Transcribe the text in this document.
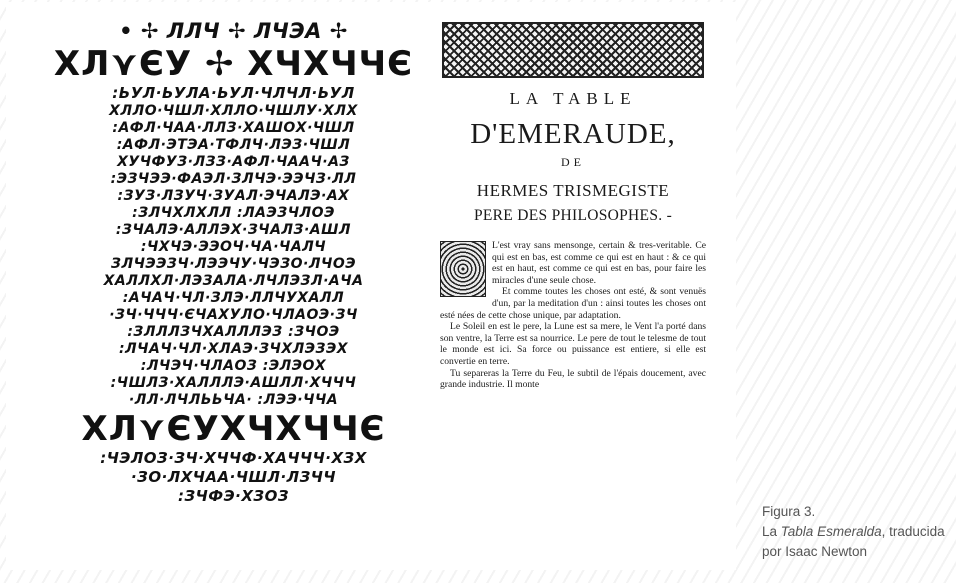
• ✢ ЛЛЧ ✢ ЛЧЭА ✢
ХЛ⋎ЄУ ✢ ХЧХЧЧЄ
:ЬУЛ·ЬУЛА·ЬУЛ·ЧЛЧЛ·ЬУЛ
ХЛЛО·ЧШЛ·ХЛЛО·ЧШЛУ·ХЛХ
:АФЛ·ЧАА·ЛЛЗ·ХАШОХ·ЧШЛ
:АФЛ·ЭТЭА·ТФЛЧ·ЛЭЗ·ЧШЛ
ХУЧФУЗ·ЛЗЗ·АФЛ·ЧААЧ·АЗ
:ЭЗЧЭЭ·ФАЭЛ·ЗЛЧЭ·ЭЭЧЗ·ЛЛ
:ЗУЗ·ЛЗУЧ·ЗУАЛ·ЭЧАЛЭ·АХ
:ЗЛЧХЛХЛЛ :ЛАЭЗЧЛОЭ
:ЗЧАЛЭ·АЛЛЭХ·ЗЧАЛЗ·АШЛ
:ЧХЧЭ·ЭЭОЧ·ЧА·ЧАЛЧ
ЗЛЧЭЭЗЧ·ЛЭЭЧУ·ЧЭЗО·ЛЧОЭ
ХАЛЛХЛ·ЛЭЗАЛА·ЛЧЛЭЗЛ·АЧА
:АЧАЧ·ЧЛ·ЗЛЭ·ЛЛЧУХАЛЛ
·ЗЧ·ЧЧЧ·ЄЧАХУЛО·ЧЛАОЭ·ЗЧ
:ЗЛЛЛЗЧХАЛЛЛЭЗ :ЗЧОЭ
:ЛЧАЧ·ЧЛ·ХЛАЭ·ЗЧХЛЭЗЭХ
:ЛЧЭЧ·ЧЛАОЗ :ЭЛЭОХ
:ЧШЛЗ·ХАЛЛЛЭ·АШЛЛ·ХЧЧЧ
·ЛЛ·ЛЧЛЬЬЧА· :ЛЭЭ·ЧЧА
ХЛ⋎ЄУХЧХЧЧЄ
:ЧЭЛОЗ·ЗЧ·ХЧЧФ·ХАЧЧЧ·ХЗХ
·ЗО·ЛХЧАА·ЧШЛ·ЛЗЧЧ
:ЗЧФЭ·ХЗОЗ
LA TABLE
D'EMERAUDE,
DE
HERMES TRISMEGISTE
PERE DES PHILOSOPHES. -

L'est vray sans mensonge, certain & tres-veritable. Ce qui est en bas, est comme ce qui est en haut : & ce qui est en haut, est comme ce qui est en bas, pour faire les miracles d'une seule chose.

Et comme toutes les choses ont esté, & sont venuës d'un, par la meditation d'un : ainsi toutes les choses ont esté nées de cette chose unique, par adaptation.

Le Soleil en est le pere, la Lune est sa mere, le Vent l'a porté dans son ventre, la Terre est sa nourrice. Le pere de tout le telesme de tout le monde est ici. Sa force ou puissance est entiere, si elle est convertie en terre.

Tu separeras la Terre du Feu, le subtil de l'épais doucement, avec grande industrie. Il monte

Figura 3.
La Tabla Esmeralda, traducida
por Isaac Newton
